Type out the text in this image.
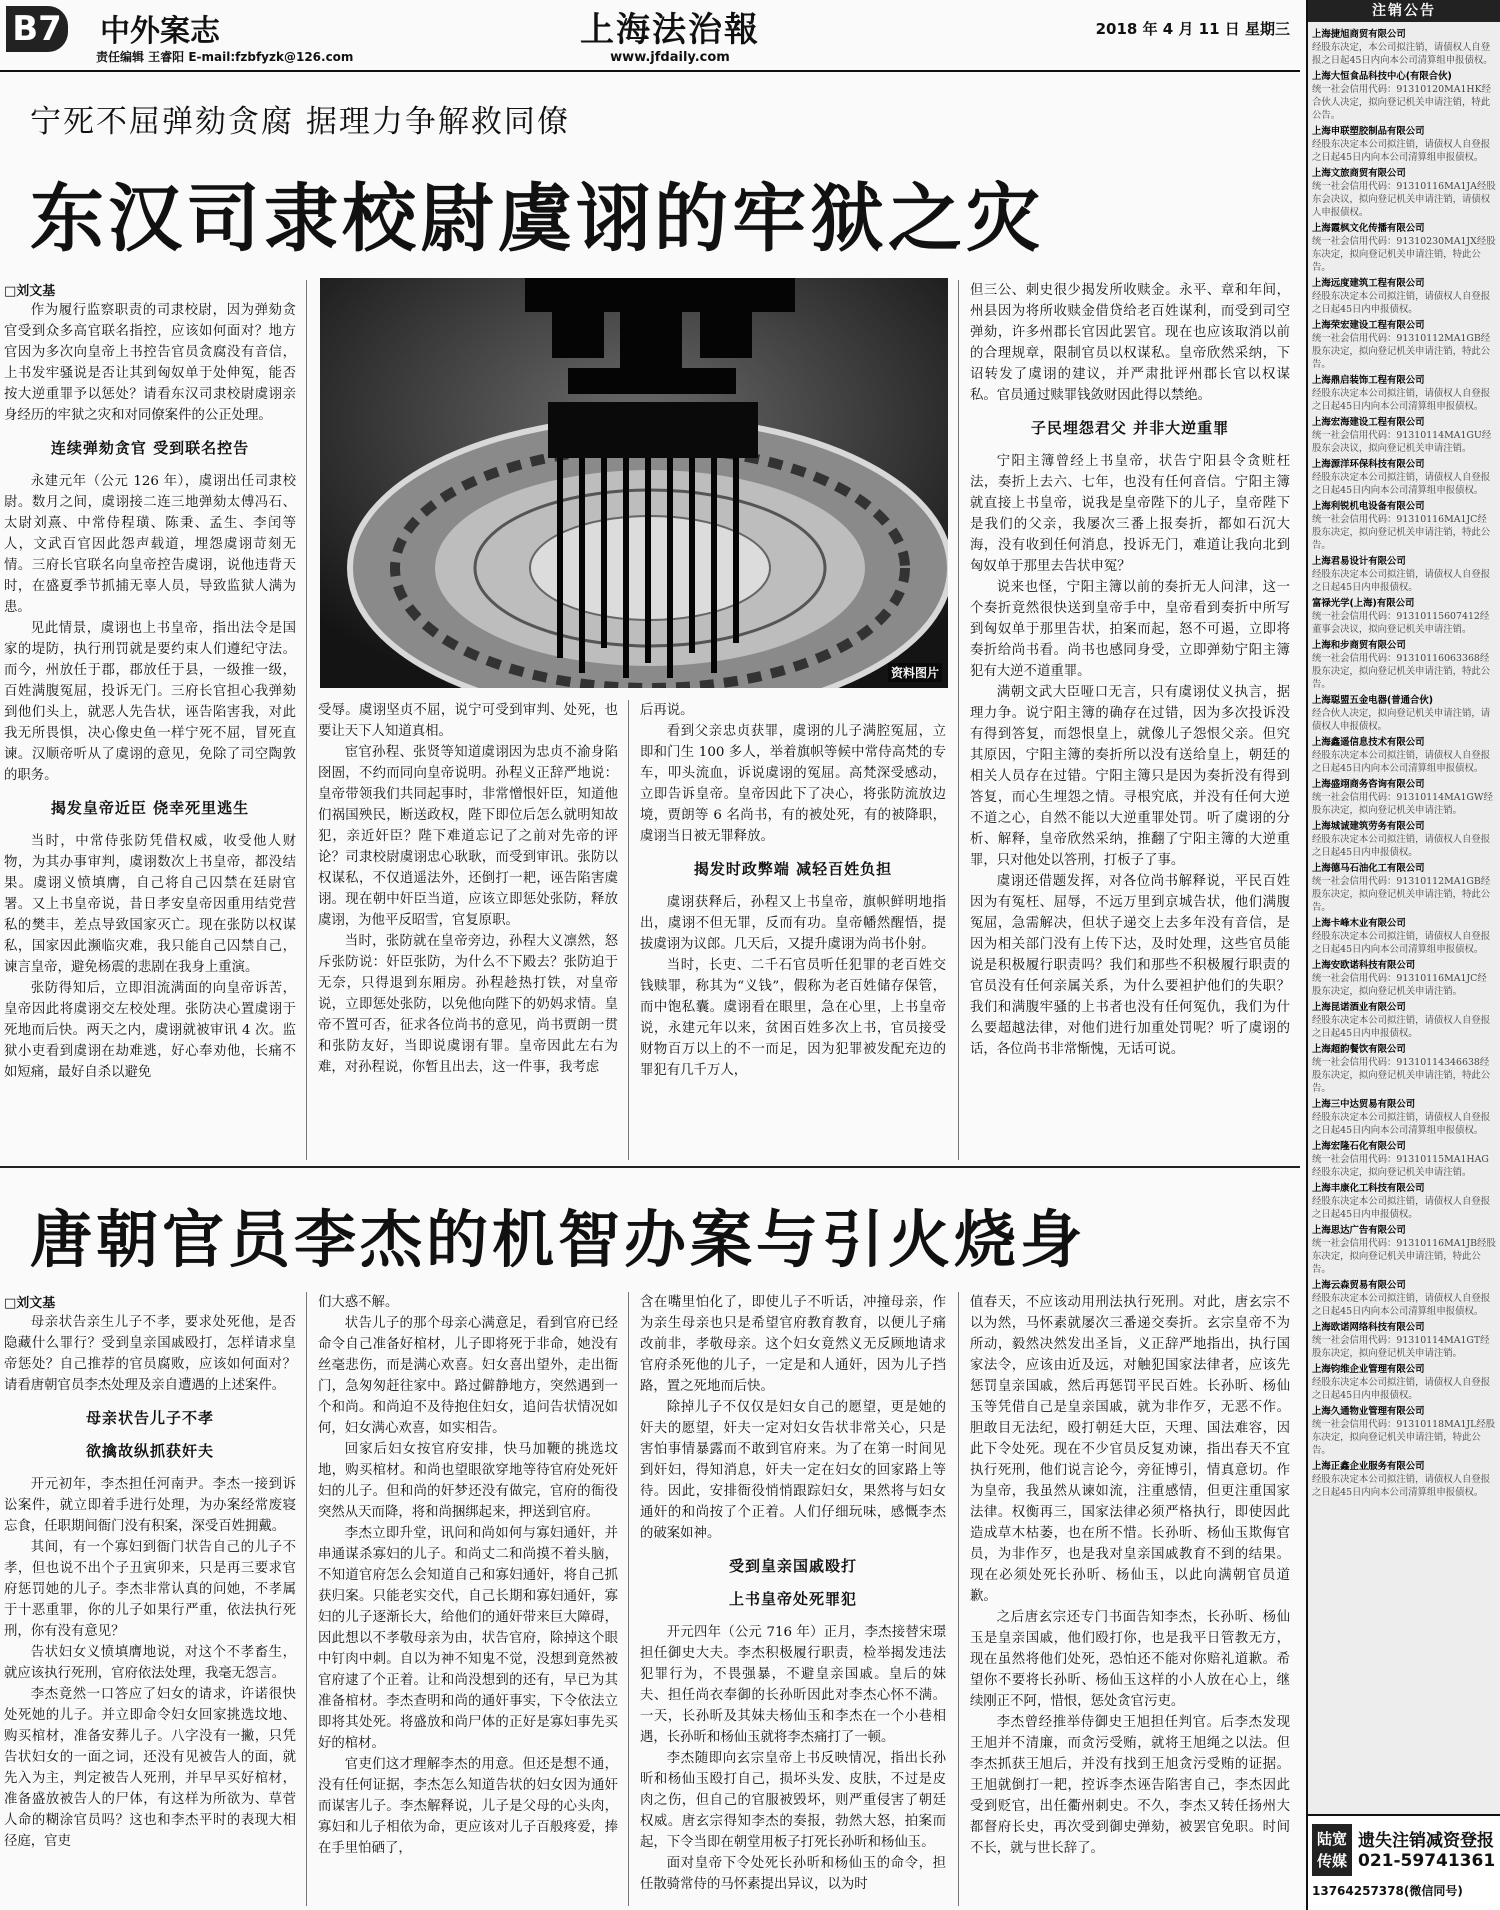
B7 中外案志
责任编辑 王睿阳 E-mail:fzbfyzk@126.com
上海法治報
www.jfdaily.com
2018 年 4 月 11 日 星期三
宁死不屈弹劾贪腐 据理力争解救同僚
东汉司隶校尉虞诩的牢狱之灾
□刘文基

作为履行监察职责的司隶校尉，因为弹劾贪官受到众多高官联名指控，应该如何面对？地方官因为多次向皇帝上书控告官员贪腐没有音信，上书发牢骚说是否让其到匈奴单于处伸冤，能否按大逆重罪予以惩处？请看东汉司隶校尉虞诩亲身经历的牢狱之灾和对同僚案件的公正处理。

连续弹劾贪官 受到联名控告

永建元年（公元 126 年），虞诩出任司隶校尉。数月之间，虞诩接二连三地弹劾太傅冯石、太尉刘熹、中常侍程璜、陈秉、孟生、李闰等人，文武百官因此怨声载道，埋怨虞诩苛刻无情。三府长官联名向皇帝控告虞诩，说他违背天时，在盛夏季节抓捕无辜人员，导致监狱人满为患。

见此情景，虞诩也上书皇帝，指出法令是国家的堤防，执行刑罚就是要约束人们遵纪守法。而今，州放任于郡，郡放任于县，一级推一级，百姓满腹冤屈，投诉无门。三府长官担心我弹劾到他们头上，就恶人先告状，诬告陷害我，对此我无所畏惧，决心像史鱼一样宁死不屈，冒死直谏。汉顺帝听从了虞诩的意见，免除了司空陶敦的职务。

揭发皇帝近臣 侥幸死里逃生

当时，中常侍张防凭借权威，收受他人财物，为其办事审判，虞诩数次上书皇帝，都没结果。虞诩义愤填膺，自己将自己囚禁在廷尉官署。又上书皇帝说，昔日孝安皇帝因重用结党营私的樊丰，差点导致国家灭亡。现在张防以权谋私，国家因此濒临灾难，我只能自己囚禁自己，谏言皇帝，避免杨震的悲剧在我身上重演。

张防得知后，立即泪流满面的向皇帝诉苦，皇帝因此将虞诩交左校处理。张防决心置虞诩于死地而后快。两天之内，虞诩就被审讯 4 次。监狱小吏看到虞诩在劫难逃，好心奉劝他，长痛不如短痛，最好自杀以避免

资料图片

受辱。虞诩坚贞不屈，说宁可受到审判、处死，也要让天下人知道真相。

宦官孙程、张贤等知道虞诩因为忠贞不渝身陷囹圄，不约而同向皇帝说明。孙程义正辞严地说：皇帝带领我们共同起事时，非常憎恨奸臣，知道他们祸国殃民，断送政权，陛下即位后怎么就明知故犯，亲近奸臣？陛下难道忘记了之前对先帝的评论？司隶校尉虞诩忠心耿耿，而受到审讯。张防以权谋私，不仅逍遥法外，还倒打一耙，诬告陷害虞诩。现在朝中奸臣当道，应该立即惩处张防，释放虞诩，为他平反昭雪，官复原职。

当时，张防就在皇帝旁边，孙程大义凛然，怒斥张防说：奸臣张防，为什么不下殿去？张防迫于无奈，只得退到东厢房。孙程趁热打铁，对皇帝说，立即惩处张防，以免他向陛下的奶妈求情。皇帝不置可否，征求各位尚书的意见，尚书贾朗一贯和张防友好，当即说虞诩有罪。皇帝因此左右为难，对孙程说，你暂且出去，这一件事，我考虑

后再说。

看到父亲忠贞获罪，虞诩的儿子满腔冤屈，立即和门生 100 多人，举着旗帜等候中常侍高梵的专车，叩头流血，诉说虞诩的冤屈。高梵深受感动，立即告诉皇帝。皇帝因此下了决心，将张防流放边境，贾朗等 6 名尚书，有的被处死，有的被降职，虞诩当日被无罪释放。

揭发时政弊端 减轻百姓负担

虞诩获释后，孙程又上书皇帝，旗帜鲜明地指出，虞诩不但无罪，反而有功。皇帝幡然醒悟，提拔虞诩为议郎。几天后，又提升虞诩为尚书仆射。

当时，长吏、二千石官员听任犯罪的老百姓交钱赎罪，称其为“义钱”，假称为老百姓储存保管，而中饱私囊。虞诩看在眼里，急在心里，上书皇帝说，永建元年以来，贫困百姓多次上书，官员接受财物百万以上的不一而足，因为犯罪被发配充边的罪犯有几千万人，

但三公、刺史很少揭发所收赎金。永平、章和年间，州县因为将所收赎金借贷给老百姓谋利，而受到司空弹劾，许多州郡长官因此罢官。现在也应该取消以前的合理规章，限制官员以权谋私。皇帝欣然采纳，下诏转发了虞诩的建议，并严肃批评州郡长官以权谋私。官员通过赎罪钱敛财因此得以禁绝。

子民埋怨君父 并非大逆重罪

宁阳主簿曾经上书皇帝，状告宁阳县令贪赃枉法，奏折上去六、七年，也没有任何音信。宁阳主簿就直接上书皇帝，说我是皇帝陛下的儿子，皇帝陛下是我们的父亲，我屡次三番上报奏折，都如石沉大海，没有收到任何消息，投诉无门，难道让我向北到匈奴单于那里去告状申冤？

说来也怪，宁阳主簿以前的奏折无人问津，这一个奏折竟然很快送到皇帝手中，皇帝看到奏折中所写到匈奴单于那里告状，拍案而起，怒不可遏，立即将奏折给尚书看。尚书也感同身受，立即弹劾宁阳主簿犯有大逆不道重罪。

满朝文武大臣哑口无言，只有虞诩仗义执言，据理力争。说宁阳主簿的确存在过错，因为多次投诉没有得到答复，而怨恨皇上，就像儿子怨恨父亲。但究其原因，宁阳主簿的奏折所以没有送给皇上，朝廷的相关人员存在过错。宁阳主簿只是因为奏折没有得到答复，而心生埋怨之情。寻根究底，并没有任何大逆不道之心，自然不能以大逆重罪处罚。听了虞诩的分析、解释，皇帝欣然采纳，推翻了宁阳主簿的大逆重罪，只对他处以答刑，打板子了事。

虞诩还借题发挥，对各位尚书解释说，平民百姓因为有冤枉、屈辱，不远万里到京城告状，他们满腹冤屈，急需解决，但状子递交上去多年没有音信，是因为相关部门没有上传下达，及时处理，这些官员能说是积极履行职责吗？我们和那些不积极履行职责的官员没有任何亲属关系，为什么要袒护他们的失职？我们和满腹牢骚的上书者也没有任何冤仇，我们为什么要超越法律，对他们进行加重处罚呢？听了虞诩的话，各位尚书非常惭愧，无话可说。

唐朝官员李杰的机智办案与引火烧身
□刘文基

母亲状告亲生儿子不孝，要求处死他，是否隐藏什么罪行？受到皇亲国戚殴打，怎样请求皇帝惩处？自己推荐的官员腐败，应该如何面对？请看唐朝官员李杰处理及亲自遭遇的上述案件。

母亲状告儿子不孝
欲擒故纵抓获奸夫

开元初年，李杰担任河南尹。李杰一接到诉讼案件，就立即着手进行处理，为办案经常废寝忘食，任职期间衙门没有积案，深受百姓拥戴。

其间，有一个寡妇到衙门状告自己的儿子不孝，但也说不出个子丑寅卯来，只是再三要求官府惩罚她的儿子。李杰非常认真的问她，不孝属于十恶重罪，你的儿子如果行严重，依法执行死刑，你有没有意见？

告状妇女义愤填膺地说，对这个不孝畜生，就应该执行死刑，官府依法处理，我毫无怨言。

李杰竟然一口答应了妇女的请求，许诺很快处死她的儿子。并立即命令妇女回家挑选坟地、购买棺材，准备安葬儿子。八字没有一撇，只凭告状妇女的一面之词，还没有见被告人的面，就先入为主，判定被告人死刑，并早早买好棺材，准备盛放被告人的尸体，有这样为所欲为、草菅人命的糊涂官员吗？这也和李杰平时的表现大相径庭，官吏

们大惑不解。

状告儿子的那个母亲心满意足，看到官府已经命令自己准备好棺材，儿子即将死于非命，她没有丝毫悲伤，而是满心欢喜。妇女喜出望外，走出衙门，急匆匆赶往家中。路过僻静地方，突然遇到一个和尚。和尚迫不及待抱住妇女，追问告状情况如何，妇女满心欢喜，如实相告。

回家后妇女按官府安排，快马加鞭的挑选坟地，购买棺材。和尚也望眼欲穿地等待官府处死奸妇的儿子。但和尚的奸梦还没有做完，官府的衙役突然从天而降，将和尚捆绑起来，押送到官府。

李杰立即升堂，讯问和尚如何与寡妇通奸，并串通谋杀寡妇的儿子。和尚丈二和尚摸不着头脑，不知道官府怎么会知道自己和寡妇通奸，将自己抓获归案。只能老实交代，自己长期和寡妇通奸，寡妇的儿子逐渐长大，给他们的通奸带来巨大障碍，因此想以不孝敬母亲为由，状告官府，除掉这个眼中钉肉中刺。自以为神不知鬼不觉，没想到竟然被官府逮了个正着。让和尚没想到的还有，早已为其准备棺材。李杰查明和尚的通奸事实，下令依法立即将其处死。将盛放和尚尸体的正好是寡妇事先买好的棺材。

官吏们这才理解李杰的用意。但还是想不通，没有任何证据，李杰怎么知道告状的妇女因为通奸而谋害儿子。李杰解释说，儿子是父母的心头肉，寡妇和儿子相依为命，更应该对儿子百般疼爱，捧在手里怕硒了，

含在嘴里怕化了，即使儿子不听话，冲撞母亲，作为亲生母亲也只是希望官府教育教育，以便儿子痛改前非，孝敬母亲。这个妇女竟然义无反顾地请求官府杀死他的儿子，一定是和人通奸，因为儿子挡路，置之死地而后快。

除掉儿子不仅仅是妇女自己的愿望，更是她的奸夫的愿望，奸夫一定对妇女告状非常关心，只是害怕事情暴露而不敢到官府来。为了在第一时间见到奸妇，得知消息，奸夫一定在妇女的回家路上等待。因此，安排衙役悄悄跟踪妇女，果然将与妇女通奸的和尚按了个正着。人们仔细玩味，感慨李杰的破案如神。

受到皇亲国戚殴打
上书皇帝处死罪犯

开元四年（公元 716 年）正月，李杰接替宋璟担任御史大夫。李杰积极履行职责，检举揭发违法犯罪行为，不畏强暴，不避皇亲国戚。皇后的妹夫、担任尚衣奉御的长孙昕因此对李杰心怀不满。一天，长孙昕及其妹夫杨仙玉和李杰在一个小巷相遇，长孙昕和杨仙玉就将李杰痛打了一顿。

李杰随即向玄宗皇帝上书反映情况，指出长孙昕和杨仙玉殴打自己，损坏头发、皮肤，不过是皮肉之伤，但自己的官服被毁坏，则严重侵害了朝廷权威。唐玄宗得知李杰的奏报，勃然大怒，拍案而起，下令当即在朝堂用板子打死长孙昕和杨仙玉。

面对皇帝下令处死长孙昕和杨仙玉的命令，担任散骑常侍的马怀素提出异议，以为时

值春天，不应该动用刑法执行死刑。对此，唐玄宗不以为然，马怀素就屡次三番递交奏折。玄宗皇帝不为所动，毅然决然发出圣旨，义正辞严地指出，执行国家法令，应该由近及远，对触犯国家法律者，应该先惩罚皇亲国戚，然后再惩罚平民百姓。长孙昕、杨仙玉等凭借自己是皇亲国戚，就为非作歹，无恶不作。胆敢目无法纪，殴打朝廷大臣，天理、国法难容，因此下令处死。现在不少官员反复劝谏，指出春天不宜执行死刑，他们说言论今，旁征博引，情真意切。作为皇帝，我虽然从谏如流，注重感情，但更注重国家法律。权衡再三，国家法律必须严格执行，即使因此造成草木枯萎，也在所不惜。长孙昕、杨仙玉欺侮官员，为非作歹，也是我对皇亲国戚教育不到的结果。现在必须处死长孙昕、杨仙玉，以此向满朝官员道歉。

之后唐玄宗还专门书面告知李杰，长孙昕、杨仙玉是皇亲国戚，他们殴打你，也是我平日管教无方，现在虽然将他们处死，恐怕还不能对你赔礼道歉。希望你不要将长孙昕、杨仙玉这样的小人放在心上，继续刚正不阿，惜恨，惩处贪官污吏。

李杰曾经推举侍御史王旭担任判官。后李杰发现王旭并不清廉，而贪污受贿，就将王旭绳之以法。但李杰抓获王旭后，并没有找到王旭贪污受贿的证据。王旭就倒打一耙，控诉李杰诬告陷害自己，李杰因此受到贬官，出任衢州刺史。不久，李杰又转任扬州大都督府长史，再次受到御史弹劾，被罢官免职。时间不长，就与世长辞了。

注销公告
上海捷旭商贸有限公司
经股东决定，本公司拟注销，请债权人自登报之日起45日内向本公司清算组申报债权。
上海大恒食品科技中心(有限合伙)
统一社会信用代码：91310120MA1HK经合伙人决定，拟向登记机关申请注销，特此公告。
上海申联塑胶制品有限公司
经股东决定本公司拟注销，请债权人自登报之日起45日内向本公司清算组申报债权。
上海文旅商贸有限公司
统一社会信用代码：91310116MA1JA经股东会决议，拟向登记机关申请注销，请债权人申报债权。
上海霞枫文化传播有限公司
统一社会信用代码：91310230MA1JX经股东决定，拟向登记机关申请注销，特此公告。
上海远度建筑工程有限公司
经股东决定本公司拟注销，请债权人自登报之日起45日内申报债权。
上海荣宏建设工程有限公司
统一社会信用代码：91310112MA1GB经股东决定，拟向登记机关申请注销，特此公告。
上海鼎启装饰工程有限公司
经股东决定本公司拟注销，请债权人自登报之日起45日内向本公司清算组申报债权。
上海宏海建设工程有限公司
统一社会信用代码：91310114MA1GU经股东会决议，拟向登记机关申请注销。
上海源洋环保科技有限公司
经股东决定本公司拟注销，请债权人自登报之日起45日内向本公司清算组申报债权。
上海利锐机电设备有限公司
统一社会信用代码：91310116MA1JC经股东决定，拟向登记机关申请注销，特此公告。
上海君易设计有限公司
经股东决定本公司拟注销，请债权人自登报之日起45日内申报债权。
富禄光学(上海)有限公司
统一社会信用代码：91310115607412经董事会决议，拟向登记机关申请注销。
上海和步商贸有限公司
统一社会信用代码：91310116063368经股东决定，拟向登记机关申请注销，特此公告。
上海聪盟五金电器(普通合伙)
经合伙人决定，拟向登记机关申请注销，请债权人申报债权。
上海鑫遥信息技术有限公司
经股东决定本公司拟注销，请债权人自登报之日起45日内向本公司清算组申报债权。
上海盛翊商务咨询有限公司
统一社会信用代码：91310114MA1GW经股东决定，拟向登记机关申请注销。
上海城诚建筑劳务有限公司
经股东决定本公司拟注销，请债权人自登报之日起45日内申报债权。
上海德马石油化工有限公司
统一社会信用代码：91310112MA1GB经股东决定，拟向登记机关申请注销，特此公告。
上海卡峰木业有限公司
经股东决定本公司拟注销，请债权人自登报之日起45日内向本公司清算组申报债权。
上海安欧诺科技有限公司
统一社会信用代码：91310116MA1JC经股东决定，拟向登记机关申请注销。
上海昆诺酒业有限公司
经股东决定本公司拟注销，请债权人自登报之日起45日内申报债权。
上海超韵餐饮有限公司
统一社会信用代码：91310114346638经股东决定，拟向登记机关申请注销，特此公告。
上海三中达贸易有限公司
经股东决定本公司拟注销，请债权人自登报之日起45日内向本公司清算组申报债权。
上海宏隆石化有限公司
统一社会信用代码：91310115MA1HAG经股东决定，拟向登记机关申请注销。
上海丰康化工科技有限公司
经股东决定本公司拟注销，请债权人自登报之日起45日内申报债权。
上海思达广告有限公司
统一社会信用代码：91310116MA1JB经股东决定，拟向登记机关申请注销，特此公告。
上海云森贸易有限公司
经股东决定本公司拟注销，请债权人自登报之日起45日内向本公司清算组申报债权。
上海欧诺网络科技有限公司
统一社会信用代码：91310114MA1GT经股东决定，拟向登记机关申请注销。
上海钧维企业管理有限公司
经股东决定本公司拟注销，请债权人自登报之日起45日内申报债权。
上海久通物业管理有限公司
统一社会信用代码：91310118MA1JL经股东决定，拟向登记机关申请注销，特此公告。
上海正鑫企业服务有限公司
经股东决定本公司拟注销，请债权人自登报之日起45日内向本公司清算组申报债权。
陆宽传媒
遗失注销减资登报 021-59741361
13764257378(微信同号)
